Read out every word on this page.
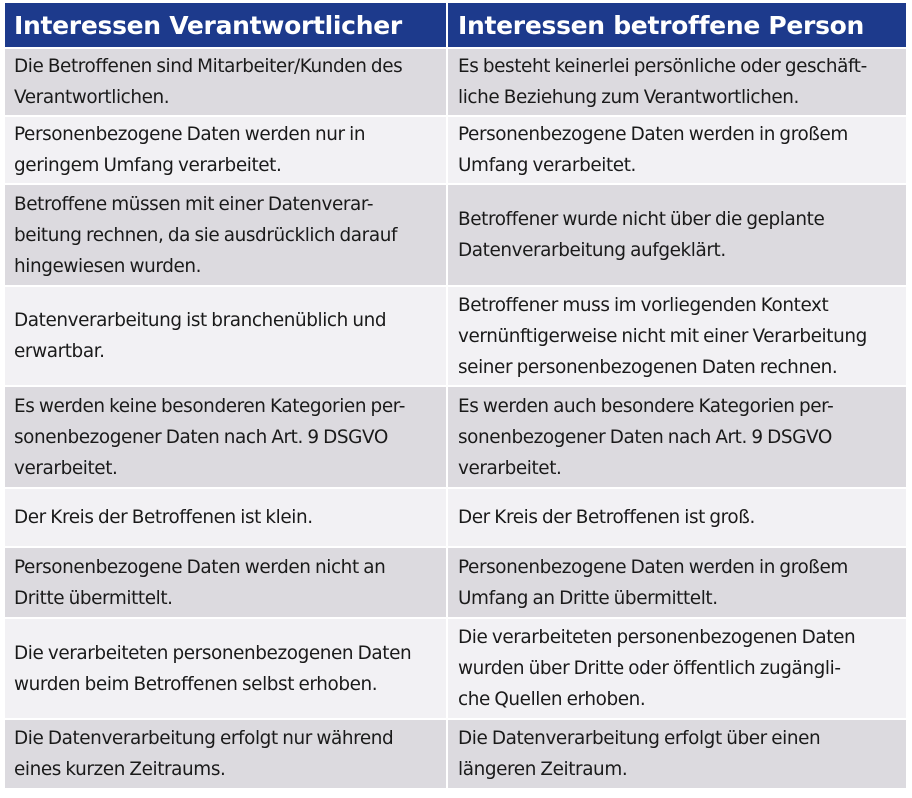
Interessen Verantwortlicher	Interessen betroffene Person
Die Betroffenen sind Mitarbeiter/Kunden des
Verantwortlichen.
Es besteht keinerlei persönliche oder geschäft-
liche Beziehung zum Verantwortlichen.
Personenbezogene Daten werden nur in
geringem Umfang verarbeitet.
Personenbezogene Daten werden in großem
Umfang verarbeitet.
Betroffene müssen mit einer Datenverar-
beitung rechnen, da sie ausdrücklich darauf
hingewiesen wurden.
Betroffener wurde nicht über die geplante
Datenverarbeitung aufgeklärt.
Datenverarbeitung ist branchenüblich und
erwartbar.
Betroffener muss im vorliegenden Kontext
vernünftigerweise nicht mit einer Verarbeitung
seiner personenbezogenen Daten rechnen.
Es werden keine besonderen Kategorien per-
sonenbezogener Daten nach Art. 9 DSGVO
verarbeitet.
Es werden auch besondere Kategorien per-
sonenbezogener Daten nach Art. 9 DSGVO
verarbeitet.
Der Kreis der Betroffenen ist klein.	Der Kreis der Betroffenen ist groß.
Personenbezogene Daten werden nicht an
Dritte übermittelt.
Personenbezogene Daten werden in großem
Umfang an Dritte übermittelt.
Die verarbeiteten personenbezogenen Daten
wurden beim Betroffenen selbst erhoben.
Die verarbeiteten personenbezogenen Daten
wurden über Dritte oder öffentlich zugängli-
che Quellen erhoben.
Die Datenverarbeitung erfolgt nur während
eines kurzen Zeitraums.
Die Datenverarbeitung erfolgt über einen
längeren Zeitraum.
